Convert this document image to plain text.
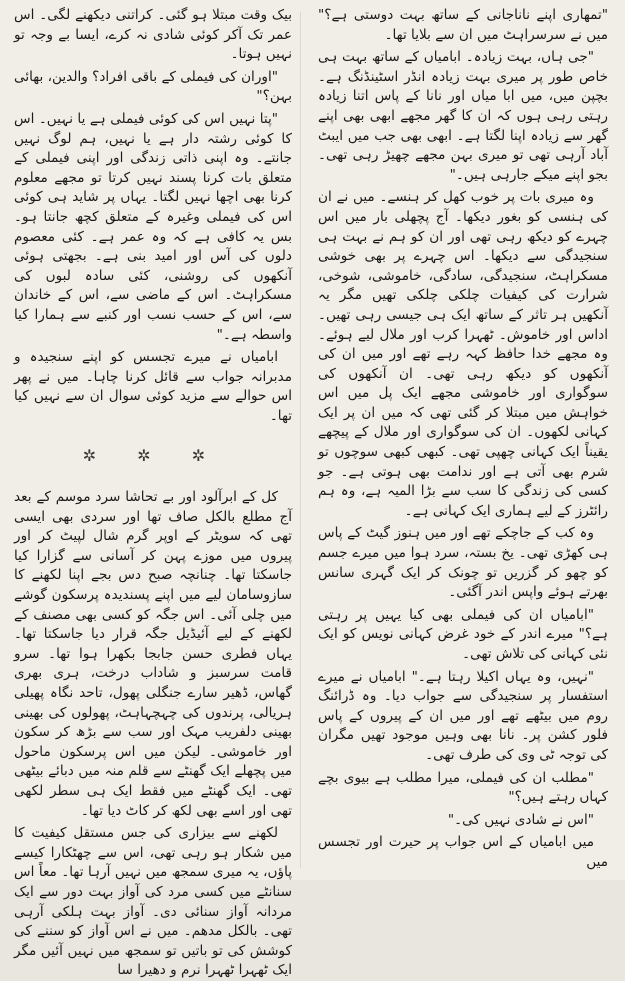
"تمھاری اپنے ناناجانی کے ساتھ بہت دوستی ہے؟" میں نے سرسراہٹ میں ان سے بلایا تھا۔

"جی ہاں، بہت زیادہ۔ ابامیاں کے ساتھ بہت ہی خاص طور پر میری بہت زیادہ انڈر اسٹینڈنگ ہے۔ بچپن میں، میں ابا میاں اور نانا کے پاس اتنا زیادہ رہتی رہی ہوں کہ ان کا گھر مجھے ابھی بھی اپنے گھر سے زیادہ اپنا لگتا ہے۔ ابھی بھی جب میں ایبٹ آباد آرہی تھی تو میری بہن مجھے چھیڑ رہی تھی۔ بجو اپنے میکے جارہی ہیں۔"

وہ میری بات پر خوب کھل کر ہنسے۔ میں نے ان کی ہنسی کو بغور دیکھا۔ آج پچھلی بار میں اس چہرے کو دیکھ رہی تھی اور ان کو ہم نے بہت ہی سنجیدگی سے دیکھا۔ اس چہرے پر بھی خوشی مسکراہٹ، سنجیدگی، سادگی، خاموشی، شوخی، شرارت کی کیفیات چلکی چلکی تھیں مگر یہ آنکھیں ہر تاثر کے ساتھ ایک ہی جیسی رہی تھیں۔ اداس اور خاموش۔ ٹھہرا کرب اور ملال لیے ہوئے۔ وہ مجھے خدا حافظ کہہ رہے تھے اور میں ان کی آنکھوں کو دیکھ رہی تھی۔ ان آنکھوں کی سوگواری اور خاموشی مجھے ایک پل میں اس خواہش میں مبتلا کر گئی تھی کہ میں ان پر ایک کہانی لکھوں۔ ان کی سوگواری اور ملال کے پیچھے یقیناً ایک کہانی چھپی تھی۔ کبھی کبھی سوچوں تو شرم بھی آتی ہے اور ندامت بھی ہوتی ہے۔ جو کسی کی زندگی کا سب سے بڑا المیہ ہے، وہ ہم رائٹرز کے لیے ہماری ایک کہانی ہے۔

وہ کب کے جاچکے تھے اور میں ہنوز گیٹ کے پاس ہی کھڑی تھی۔ یخ بستہ، سرد ہوا میں میرے جسم کو چھو کر گزریں تو چونک کر ایک گہری سانس بھرتے ہوئے واپس اندر آگئی۔

"ابامیاں ان کی فیملی بھی کیا یہیں پر رہتی ہے؟" میرے اندر کے خود غرض کہانی نویس کو ایک نئی کہانی کی تلاش تھی۔

"نہیں، وہ یہاں اکیلا رہتا ہے۔" ابامیاں نے میرے استفسار پر سنجیدگی سے جواب دیا۔ وہ ڈرائنگ روم میں بیٹھے تھے اور میں ان کے پیروں کے پاس فلور کشن پر۔ نانا بھی وہیں موجود تھیں مگران کی توجہ ٹی وی کی طرف تھی۔

"مطلب ان کی فیملی، میرا مطلب ہے بیوی بچے کہاں رہتے ہیں؟"

"اس نے شادی نہیں کی۔"

میں ابامیاں کے اس جواب پر حیرت اور تجسس میں

بیک وقت مبتلا ہو گئی۔ کراتنی دیکھنے لگی۔ اس عمر تک آکر کوئی شادی نہ کرے، ایسا بے وجہ تو نہیں ہوتا۔

"اوران کی فیملی کے باقی افراد؟ والدین، بھائی بہن؟"

"پتا نہیں اس کی کوئی فیملی ہے یا نہیں۔ اس کا کوئی رشتہ دار ہے یا نہیں، ہم لوگ نہیں جانتے۔ وہ اپنی ذاتی زندگی اور اپنی فیملی کے متعلق بات کرنا پسند نہیں کرتا تو مجھے معلوم کرنا بھی اچھا نہیں لگتا۔ یہاں پر شاید ہی کوئی اس کی فیملی وغیرہ کے متعلق کچھ جانتا ہو۔ بس یہ کافی ہے کہ وہ عمر ہے۔ کئی معصوم دلوں کی آس اور امید بنی ہے۔ بجھتی ہوئی آنکھوں کی روشنی، کئی سادہ لبوں کی مسکراہٹ۔ اس کے ماضی سے، اس کے خاندان سے، اس کے حسب نسب اور کنبے سے ہمارا کیا واسطہ ہے۔"

ابامیاں نے میرے تجسس کو اپنے سنجیدہ و مدبرانہ جواب سے قائل کرنا چاہا۔ میں نے پھر اس حوالے سے مزید کوئی سوال ان سے نہیں کیا تھا۔

✲ ✲ ✲

کل کے ابرآلود اور بے تحاشا سرد موسم کے بعد آج مطلع بالکل صاف تھا اور سردی بھی ایسی تھی کہ سویٹر کے اوپر گرم شال لپیٹ کر اور پیروں میں موزے پہن کر آسانی سے گزارا کیا جاسکتا تھا۔ چنانچہ صبح دس بجے اپنا لکھنے کا سازوسامان لیے میں اپنے پسندیدہ پرسکون گوشے میں چلی آئی۔ اس جگہ کو کسی بھی مصنف کے لکھنے کے لیے آئیڈیل جگہ قرار دیا جاسکتا تھا۔ یہاں فطری حسن جابجا بکھرا ہوا تھا۔ سرو قامت سرسبز و شاداب درخت، ہری بھری گھاس، ڈھیر سارے جنگلی پھول، تاحد نگاہ پھیلی ہریالی، پرندوں کی چہچہاہٹ، پھولوں کی بھینی بھینی دلفریب مہک اور سب سے بڑھ کر سکون اور خاموشی۔ لیکن میں اس پرسکون ماحول میں پچھلے ایک گھنٹے سے قلم منہ میں دبائے بیٹھی تھی۔ ایک گھنٹے میں فقط ایک ہی سطر لکھی تھی اور اسے بھی لکھ کر کاٹ دیا تھا۔

لکھنے سے بیزاری کی جس مستقل کیفیت کا میں شکار ہو رہی تھی، اس سے چھٹکارا کیسے پاؤں، یہ میری سمجھ میں نہیں آرہا تھا۔ معاً اس سنانٹے میں کسی مرد کی آواز بہت دور سے ایک مردانہ آواز سنائی دی۔ آواز بہت ہلکی آرہی تھی۔ بالکل مدھم۔ میں نے اس آواز کو سننے کی کوشش کی تو باتیں تو سمجھ میں نہیں آئیں مگر ایک ٹھہرا ٹھہرا نرم و دھیرا سا
